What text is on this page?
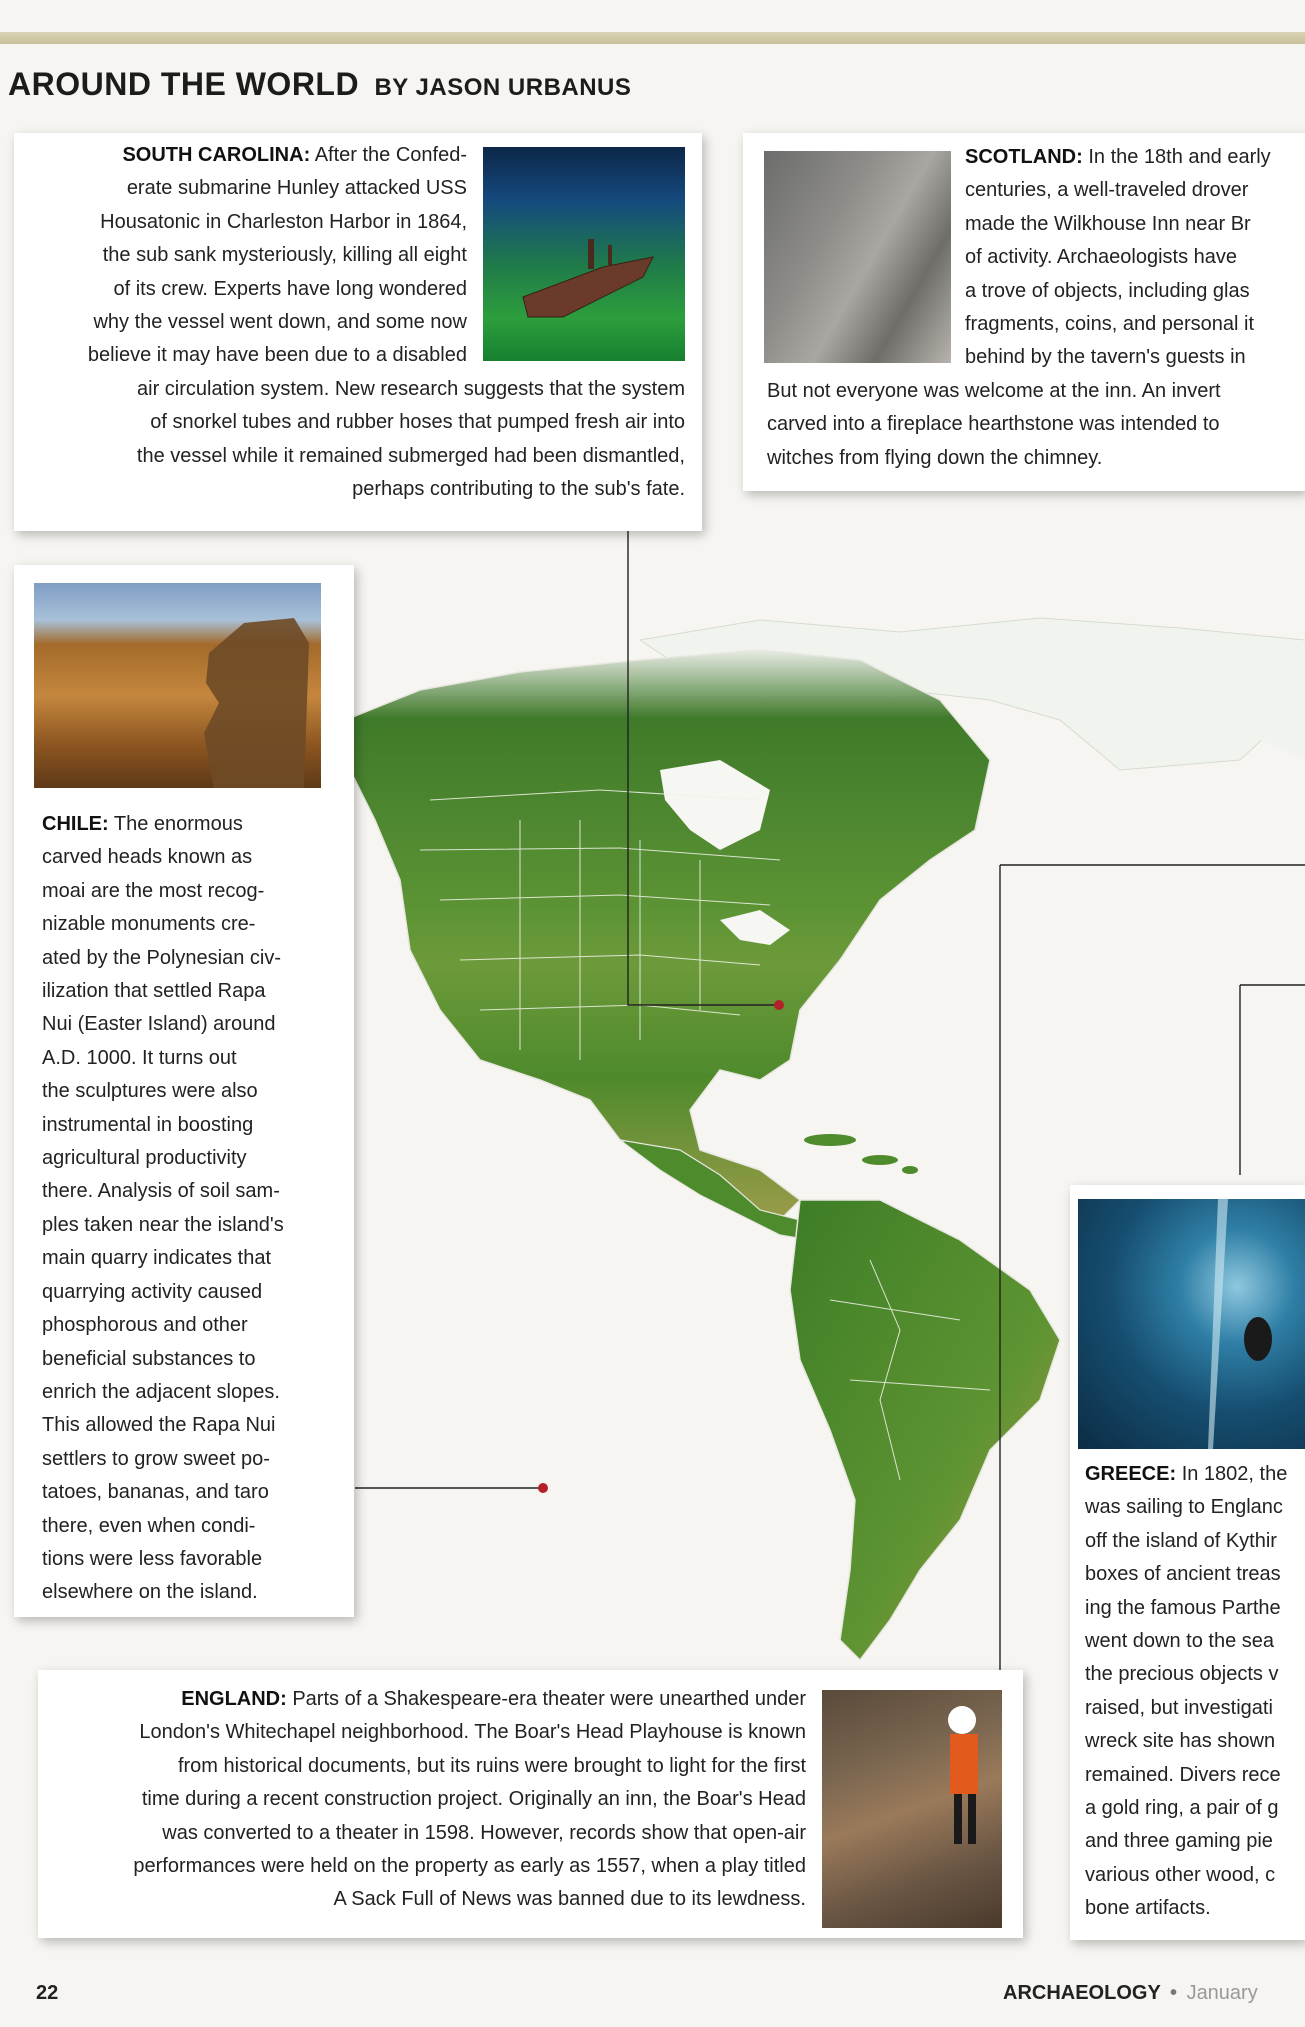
AROUND THE WORLD BY JASON URBANUS
SOUTH CAROLINA: After the Confed-
erate submarine Hunley attacked USS
Housatonic in Charleston Harbor in 1864,
the sub sank mysteriously, killing all eight
of its crew. Experts have long wondered
why the vessel went down, and some now
believe it may have been due to a disabled
air circulation system. New research suggests that the system
of snorkel tubes and rubber hoses that pumped fresh air into
the vessel while it remained submerged had been dismantled,
perhaps contributing to the sub's fate.
SCOTLAND: In the 18th and early
centuries, a well-traveled drover
made the Wilkhouse Inn near Br
of activity. Archaeologists have
a trove of objects, including glas
fragments, coins, and personal it
behind by the tavern's guests in
But not everyone was welcome at the inn. An invert
carved into a fireplace hearthstone was intended to
witches from flying down the chimney.
CHILE: The enormous
carved heads known as
moai are the most recog-
nizable monuments cre-
ated by the Polynesian civ-
ilization that settled Rapa
Nui (Easter Island) around
A.D. 1000. It turns out
the sculptures were also
instrumental in boosting
agricultural productivity
there. Analysis of soil sam-
ples taken near the island's
main quarry indicates that
quarrying activity caused
phosphorous and other
beneficial substances to
enrich the adjacent slopes.
This allowed the Rapa Nui
settlers to grow sweet po-
tatoes, bananas, and taro
there, even when condi-
tions were less favorable
elsewhere on the island.
GREECE: In 1802, the
was sailing to Englanc
off the island of Kythir
boxes of ancient treas
ing the famous Parthe
went down to the sea
the precious objects v
raised, but investigati
wreck site has shown
remained. Divers rece
a gold ring, a pair of g
and three gaming pie
various other wood, c
bone artifacts.
ENGLAND: Parts of a Shakespeare-era theater were unearthed under
London's Whitechapel neighborhood. The Boar's Head Playhouse is known
from historical documents, but its ruins were brought to light for the first
time during a recent construction project. Originally an inn, the Boar's Head
was converted to a theater in 1598. However, records show that open-air
performances were held on the property as early as 1557, when a play titled
A Sack Full of News was banned due to its lewdness.
22	ARCHAEOLOGY • January
